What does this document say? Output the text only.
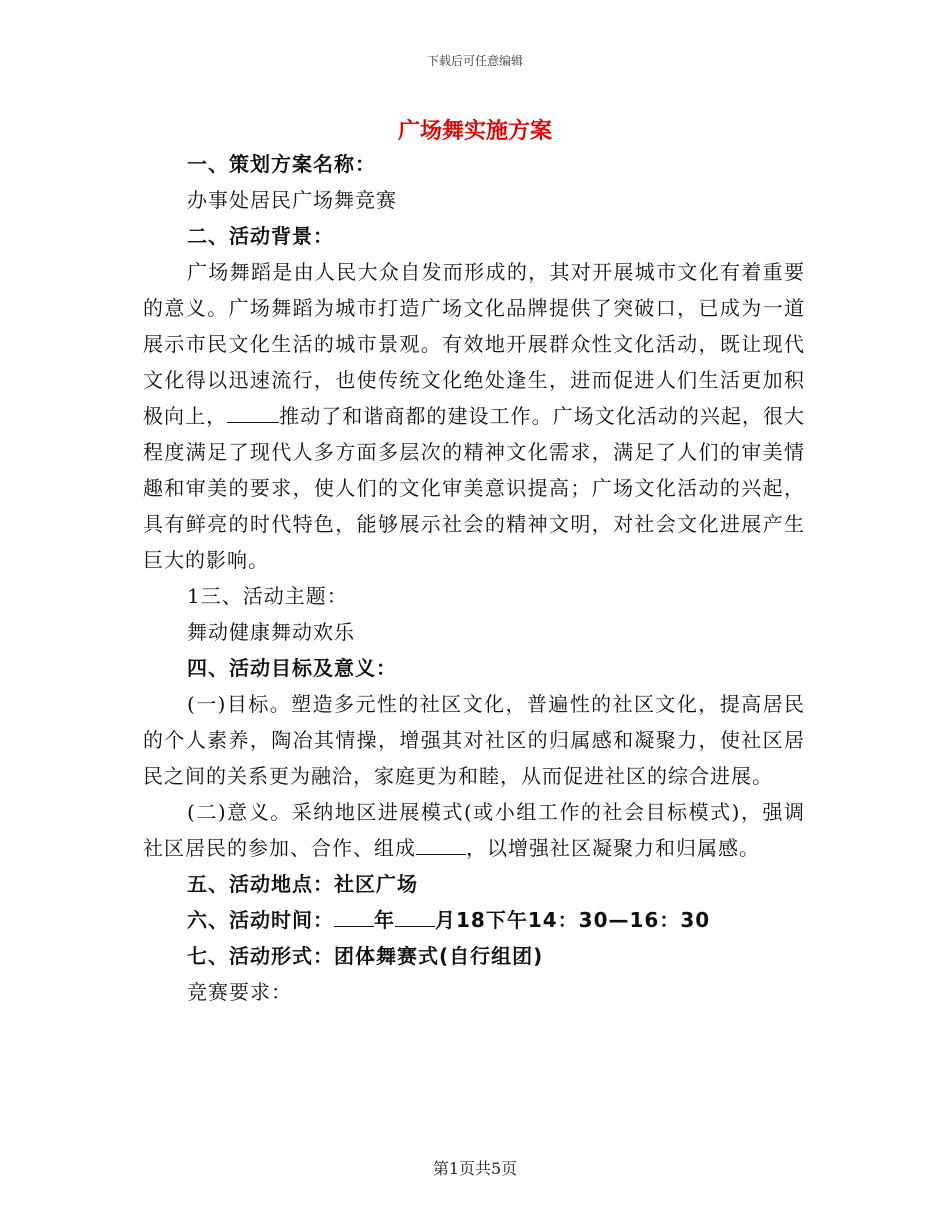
下载后可任意编辑
广场舞实施方案
一、策划方案名称：
办事处居民广场舞竞赛
二、活动背景：

广场舞蹈是由人民大众自发而形成的，其对开展城市文化有着重要的意义。广场舞蹈为城市打造广场文化品牌提供了突破口，已成为一道展示市民文化生活的城市景观。有效地开展群众性文化活动，既让现代文化得以迅速流行，也使传统文化绝处逢生，进而促进人们生活更加积极向上，	推动了和谐商都的建设工作。广场文化活动的兴起，很大程度满足了现代人多方面多层次的精神文化需求，满足了人们的审美情趣和审美的要求，使人们的文化审美意识提高；广场文化活动的兴起，具有鲜亮的时代特色，能够展示社会的精神文明，对社会文化进展产生巨大的影响。

1三、活动主题：
舞动健康舞动欢乐
四、活动目标及意义：

(一)目标。塑造多元性的社区文化，普遍性的社区文化，提高居民的个人素养，陶冶其情操，增强其对社区的归属感和凝聚力，使社区居民之间的关系更为融洽，家庭更为和睦，从而促进社区的综合进展。

(二)意义。采纳地区进展模式(或小组工作的社会目标模式)，强调社区居民的参加、合作、组成	，以增强社区凝聚力和归属感。

五、活动地点：社区广场
六、活动时间： 年 月18下午14：30—16：30
七、活动形式：团体舞赛式(自行组团)
竞赛要求：
第1页共5页
